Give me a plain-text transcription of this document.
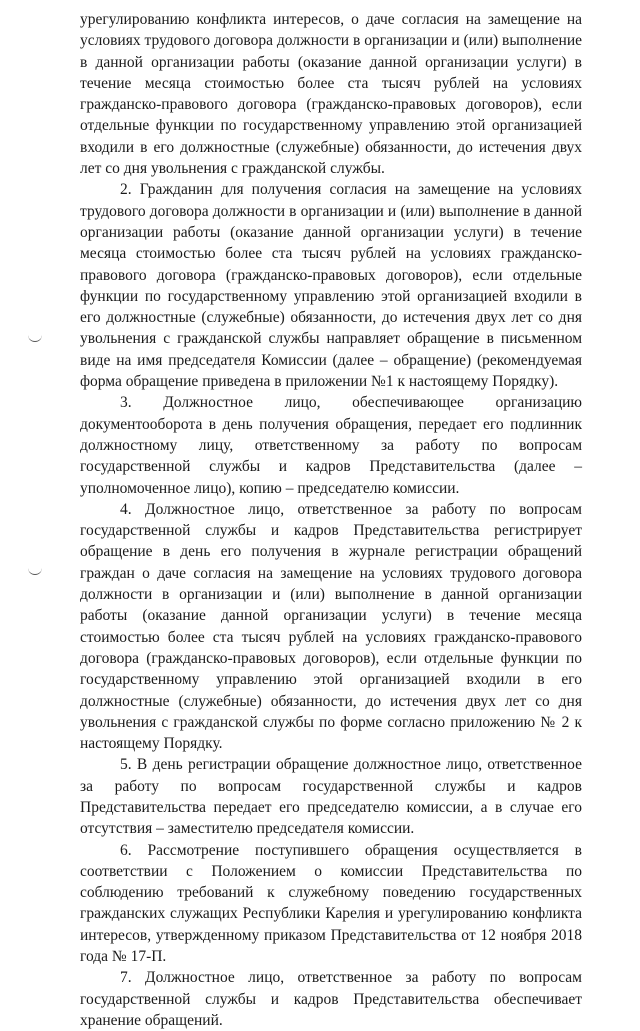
урегулированию конфликта интересов, о даче согласия на замещение на условиях трудового договора должности в организации и (или) выполнение в данной организации работы (оказание данной организации услуги) в течение месяца стоимостью более ста тысяч рублей на условиях гражданско-правового договора (гражданско-правовых договоров), если отдельные функции по государственному управлению этой организацией входили в его должностные (служебные) обязанности, до истечения двух лет со дня увольнения с гражданской службы.

2. Гражданин для получения согласия на замещение на условиях трудового договора должности в организации и (или) выполнение в данной организации работы (оказание данной организации услуги) в течение месяца стоимостью более ста тысяч рублей на условиях гражданско-правового договора (гражданско-правовых договоров), если отдельные функции по государственному управлению этой организацией входили в его должностные (служебные) обязанности, до истечения двух лет со дня увольнения с гражданской службы направляет обращение в письменном виде на имя председателя Комиссии (далее – обращение) (рекомендуемая форма обращение приведена в приложении №1 к настоящему Порядку).

3. Должностное лицо, обеспечивающее организацию документооборота в день получения обращения, передает его подлинник должностному лицу, ответственному за работу по вопросам государственной службы и кадров Представительства (далее – уполномоченное лицо), копию – председателю комиссии.

4. Должностное лицо, ответственное за работу по вопросам государственной службы и кадров Представительства регистрирует обращение в день его получения в журнале регистрации обращений граждан о даче согласия на замещение на условиях трудового договора должности в организации и (или) выполнение в данной организации работы (оказание данной организации услуги) в течение месяца стоимостью более ста тысяч рублей на условиях гражданско-правового договора (гражданско-правовых договоров), если отдельные функции по государственному управлению этой организацией входили в его должностные (служебные) обязанности, до истечения двух лет со дня увольнения с гражданской службы по форме согласно приложению № 2 к настоящему Порядку.

5. В день регистрации обращение должностное лицо, ответственное за работу по вопросам государственной службы и кадров Представительства передает его председателю комиссии, а в случае его отсутствия – заместителю председателя комиссии.

6. Рассмотрение поступившего обращения осуществляется в соответствии с Положением о комиссии Представительства по соблюдению требований к служебному поведению государственных гражданских служащих Республики Карелия и урегулированию конфликта интересов, утвержденному приказом Представительства от 12 ноября 2018 года № 17-П.

7. Должностное лицо, ответственное за работу по вопросам государственной службы и кадров Представительства обеспечивает хранение обращений.
